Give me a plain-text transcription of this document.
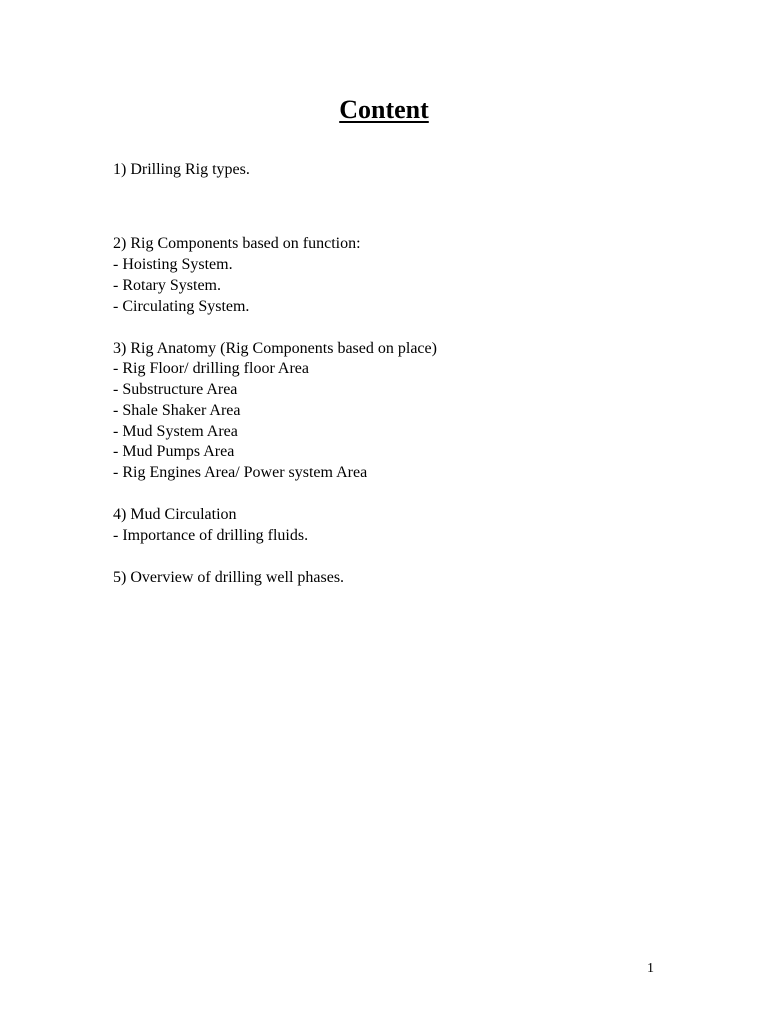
Content
1) Drilling Rig types.
2) Rig Components based on function:
- Hoisting System.
- Rotary System.
- Circulating System.
3) Rig Anatomy (Rig Components based on place)
- Rig Floor/ drilling floor Area
- Substructure Area
- Shale Shaker Area
- Mud System Area
- Mud Pumps Area
- Rig Engines Area/ Power system Area
4) Mud Circulation
- Importance of drilling fluids.
5) Overview of drilling well phases.
1
